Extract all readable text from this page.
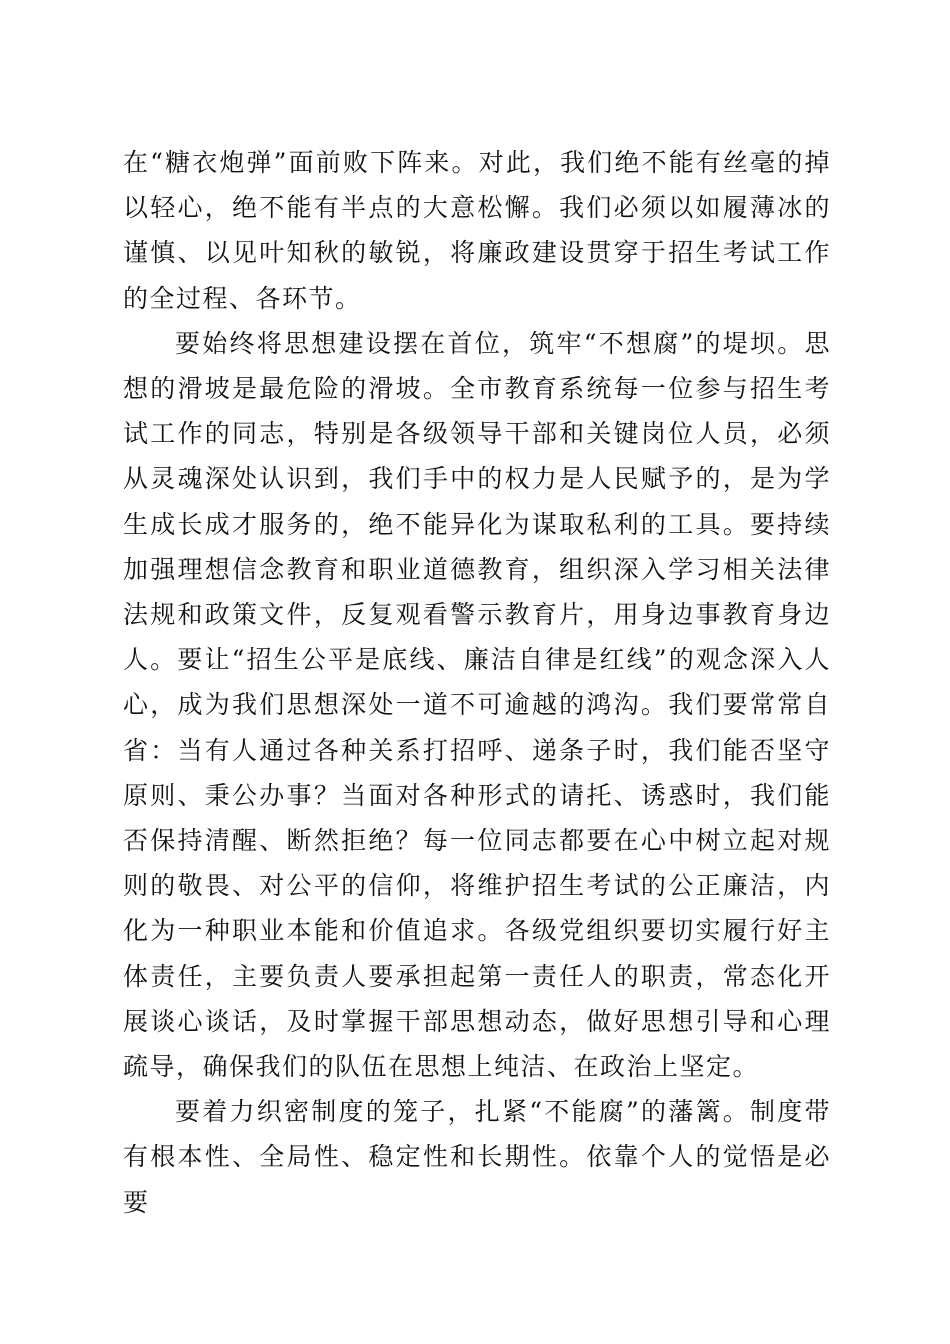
在“糖衣炮弹”面前败下阵来。对此，我们绝不能有丝毫的掉以轻心，绝不能有半点的大意松懈。我们必须以如履薄冰的谨慎、以见叶知秋的敏锐，将廉政建设贯穿于招生考试工作的全过程、各环节。

要始终将思想建设摆在首位，筑牢“不想腐”的堤坝。思想的滑坡是最危险的滑坡。全市教育系统每一位参与招生考试工作的同志，特别是各级领导干部和关键岗位人员，必须从灵魂深处认识到，我们手中的权力是人民赋予的，是为学生成长成才服务的，绝不能异化为谋取私利的工具。要持续加强理想信念教育和职业道德教育，组织深入学习相关法律法规和政策文件，反复观看警示教育片，用身边事教育身边人。要让“招生公平是底线、廉洁自律是红线”的观念深入人心，成为我们思想深处一道不可逾越的鸿沟。我们要常常自省：当有人通过各种关系打招呼、递条子时，我们能否坚守原则、秉公办事？当面对各种形式的请托、诱惑时，我们能否保持清醒、断然拒绝？每一位同志都要在心中树立起对规则的敬畏、对公平的信仰，将维护招生考试的公正廉洁，内化为一种职业本能和价值追求。各级党组织要切实履行好主体责任，主要负责人要承担起第一责任人的职责，常态化开展谈心谈话，及时掌握干部思想动态，做好思想引导和心理疏导，确保我们的队伍在思想上纯洁、在政治上坚定。

要着力织密制度的笼子，扎紧“不能腐”的藩篱。制度带有根本性、全局性、稳定性和长期性。依靠个人的觉悟是必要
